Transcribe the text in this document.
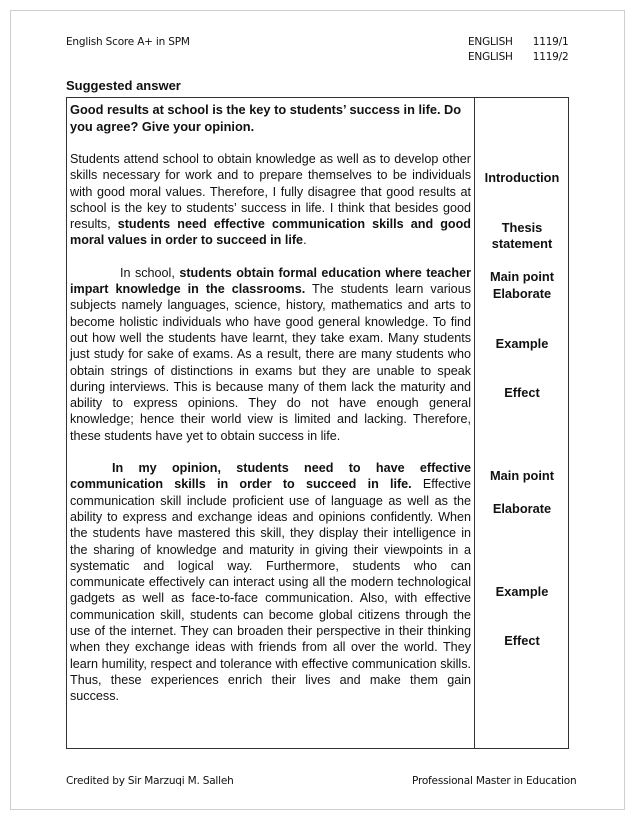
English Score A+ in SPM	ENGLISH 1119/1
ENGLISH 1119/2
Suggested answer

Good results at school is the key to students’ success in life. Do you agree? Give your opinion.

Students attend school to obtain knowledge as well as to develop other skills necessary for work and to prepare themselves to be individuals with good moral values. Therefore, I fully disagree that good results at school is the key to students’ success in life. I think that besides good results, students need effective communication skills and good moral values in order to succeed in life.

In school, students obtain formal education where teacher impart knowledge in the classrooms. The students learn various subjects namely languages, science, history, mathematics and arts to become holistic individuals who have good general knowledge. To find out how well the students have learnt, they take exam. Many students just study for sake of exams. As a result, there are many students who obtain strings of distinctions in exams but they are unable to speak during interviews. This is because many of them lack the maturity and ability to express opinions. They do not have enough general knowledge; hence their world view is limited and lacking. Therefore, these students have yet to obtain success in life.

In my opinion, students need to have effective communication skills in order to succeed in life. Effective communication skill include proficient use of language as well as the ability to express and exchange ideas and opinions confidently. When the students have mastered this skill, they display their intelligence in the sharing of knowledge and maturity in giving their viewpoints in a systematic and logical way. Furthermore, students who can communicate effectively can interact using all the modern technological gadgets as well as face-to-face communication. Also, with effective communication skill, students can become global citizens through the use of the internet. They can broaden their perspective in their thinking when they exchange ideas with friends from all over the world. They learn humility, respect and tolerance with effective communication skills. Thus, these experiences enrich their lives and make them gain success.

Introduction
Thesis
statement
Main point
Elaborate
Example
Effect
Main point
Elaborate
Example
Effect
Credited by Sir Marzuqi M. Salleh	Professional Master in Education
